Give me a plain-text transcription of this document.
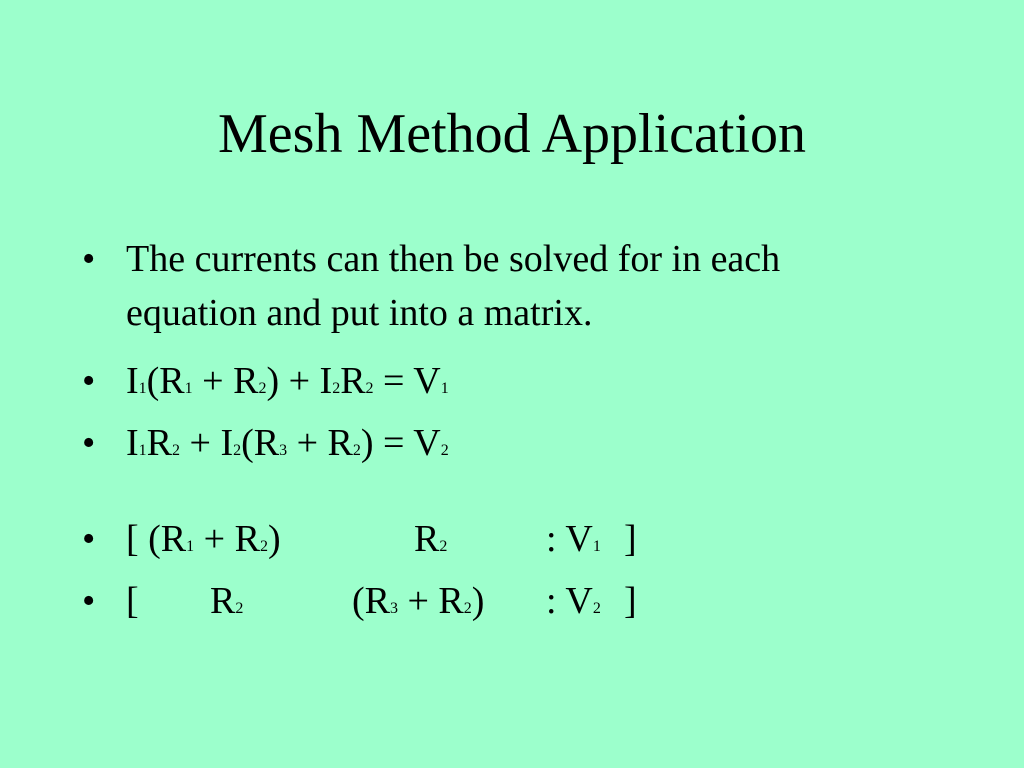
Mesh Method Application
• The currents can then be solved for in each
equation and put into a matrix.
• I1(R1 + R2) + I2R2 = V1
• I1R2 + I2(R3 + R2) = V2
• [ (R1 + R2)	R2	: V1 ]
• [ R2	(R3 + R2) : V2 ]
